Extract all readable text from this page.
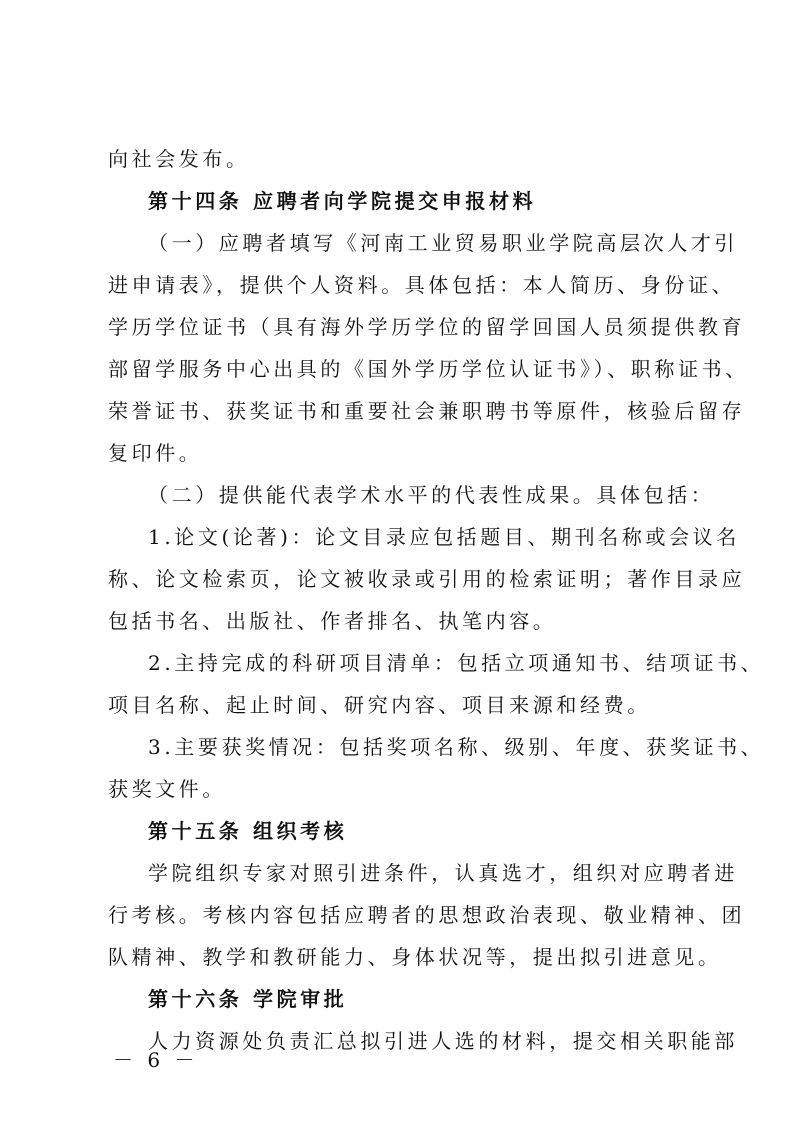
向社会发布。
第十四条 应聘者向学院提交申报材料
（一）应聘者填写《河南工业贸易职业学院高层次人才引
进申请表》，提供个人资料。具体包括：本人简历、身份证、
学历学位证书（具有海外学历学位的留学回国人员须提供教育
部留学服务中心出具的《国外学历学位认证书》）、职称证书、
荣誉证书、获奖证书和重要社会兼职聘书等原件，核验后留存
复印件。
（二）提供能代表学术水平的代表性成果。具体包括：
1.论文(论著)：论文目录应包括题目、期刊名称或会议名
称、论文检索页，论文被收录或引用的检索证明；著作目录应
包括书名、出版社、作者排名、执笔内容。
2.主持完成的科研项目清单：包括立项通知书、结项证书、
项目名称、起止时间、研究内容、项目来源和经费。
3.主要获奖情况：包括奖项名称、级别、年度、获奖证书、
获奖文件。
第十五条 组织考核
学院组织专家对照引进条件，认真选才，组织对应聘者进
行考核。考核内容包括应聘者的思想政治表现、敬业精神、团
队精神、教学和教研能力、身体状况等，提出拟引进意见。
第十六条 学院审批
人力资源处负责汇总拟引进人选的材料，提交相关职能部
－ 6 －
